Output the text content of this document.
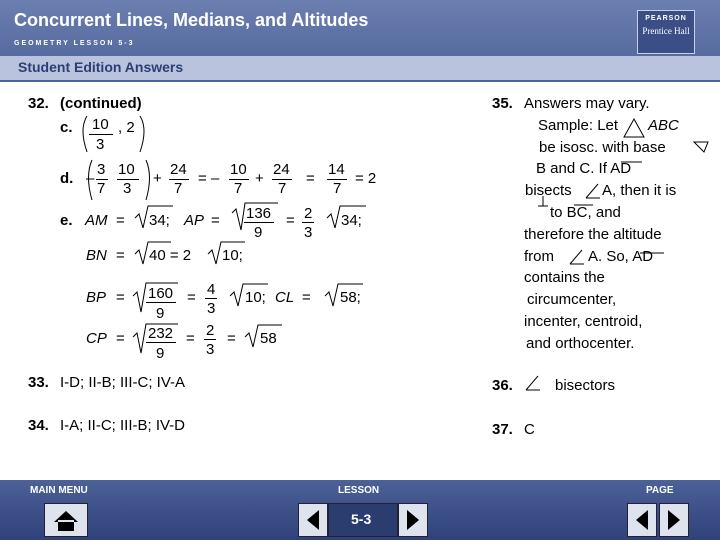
Concurrent Lines, Medians, and Altitudes
GEOMETRY LESSON 5-3
PEARSON
Prentice Hall
Student Edition Answers
32. (continued)
c. 10
3
, 2
d. –
3
7
10
3
+
24
7
= –
10
7
+
24
7
=
14
7
= 2
e. AM = 34; AP = 136
9
= 2
3
34;
BN = 40 = 2 10;
BP = 160
9
= 4
3
10; CL = 58;
CP = 232
9
= 2
3
= 58
33. I-D; II-B; III-C; IV-A
34. I-A; II-C; III-B; IV-D
35. Answers may vary.
Sample: Let ABC
be isosc. with base
B and C. If AD
bisects A, then it is
to BC, and
therefore the altitude
from A. So, AD
contains the
circumcenter,
incenter, centroid,
and orthocenter.
36.	bisectors
37. C
MAIN MENU	LESSON	PAGE
5-3
